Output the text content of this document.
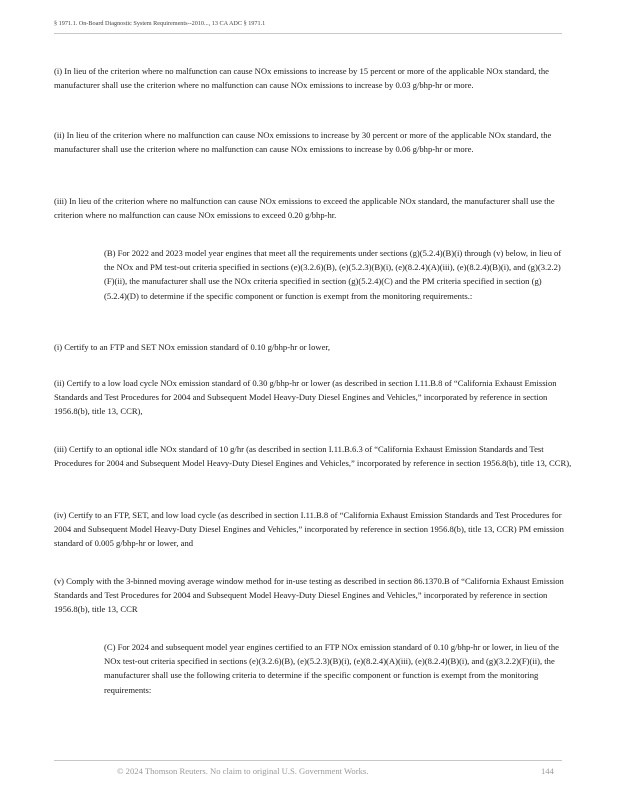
§ 1971.1. On-Board Diagnostic System Requirements--2010..., 13 CA ADC § 1971.1

(i) In lieu of the criterion where no malfunction can cause NOx emissions to increase by 15 percent or more of the applicable NOx standard, the manufacturer shall use the criterion where no malfunction can cause NOx emissions to increase by 0.03 g/bhp-hr or more.

(ii) In lieu of the criterion where no malfunction can cause NOx emissions to increase by 30 percent or more of the applicable NOx standard, the manufacturer shall use the criterion where no malfunction can cause NOx emissions to increase by 0.06 g/bhp-hr or more.

(iii) In lieu of the criterion where no malfunction can cause NOx emissions to exceed the applicable NOx standard, the manufacturer shall use the criterion where no malfunction can cause NOx emissions to exceed 0.20 g/bhp-hr.

(B) For 2022 and 2023 model year engines that meet all the requirements under sections (g)(5.2.4)(B)(i) through (v) below, in lieu of the NOx and PM test-out criteria specified in sections (e)(3.2.6)(B), (e)(5.2.3)(B)(i), (e)(8.2.4)(A)(iii), (e)(8.2.4)(B)(i), and (g)(3.2.2)(F)(ii), the manufacturer shall use the NOx criteria specified in section (g)(5.2.4)(C) and the PM criteria specified in section (g)(5.2.4)(D) to determine if the specific component or function is exempt from the monitoring requirements.:

(i) Certify to an FTP and SET NOx emission standard of 0.10 g/bhp-hr or lower,

(ii) Certify to a low load cycle NOx emission standard of 0.30 g/bhp-hr or lower (as described in section I.11.B.8 of “California Exhaust Emission Standards and Test Procedures for 2004 and Subsequent Model Heavy-Duty Diesel Engines and Vehicles,” incorporated by reference in section 1956.8(b), title 13, CCR),

(iii) Certify to an optional idle NOx standard of 10 g/hr (as described in section I.11.B.6.3 of “California Exhaust Emission Standards and Test Procedures for 2004 and Subsequent Model Heavy-Duty Diesel Engines and Vehicles,” incorporated by reference in section 1956.8(b), title 13, CCR),

(iv) Certify to an FTP, SET, and low load cycle (as described in section I.11.B.8 of “California Exhaust Emission Standards and Test Procedures for 2004 and Subsequent Model Heavy-Duty Diesel Engines and Vehicles,” incorporated by reference in section 1956.8(b), title 13, CCR) PM emission standard of 0.005 g/bhp-hr or lower, and

(v) Comply with the 3-binned moving average window method for in-use testing as described in section 86.1370.B of “California Exhaust Emission Standards and Test Procedures for 2004 and Subsequent Model Heavy-Duty Diesel Engines and Vehicles,” incorporated by reference in section 1956.8(b), title 13, CCR

(C) For 2024 and subsequent model year engines certified to an FTP NOx emission standard of 0.10 g/bhp-hr or lower, in lieu of the NOx test-out criteria specified in sections (e)(3.2.6)(B), (e)(5.2.3)(B)(i), (e)(8.2.4)(A)(iii), (e)(8.2.4)(B)(i), and (g)(3.2.2)(F)(ii), the manufacturer shall use the following criteria to determine if the specific component or function is exempt from the monitoring requirements:

© 2024 Thomson Reuters. No claim to original U.S. Government Works.	144
